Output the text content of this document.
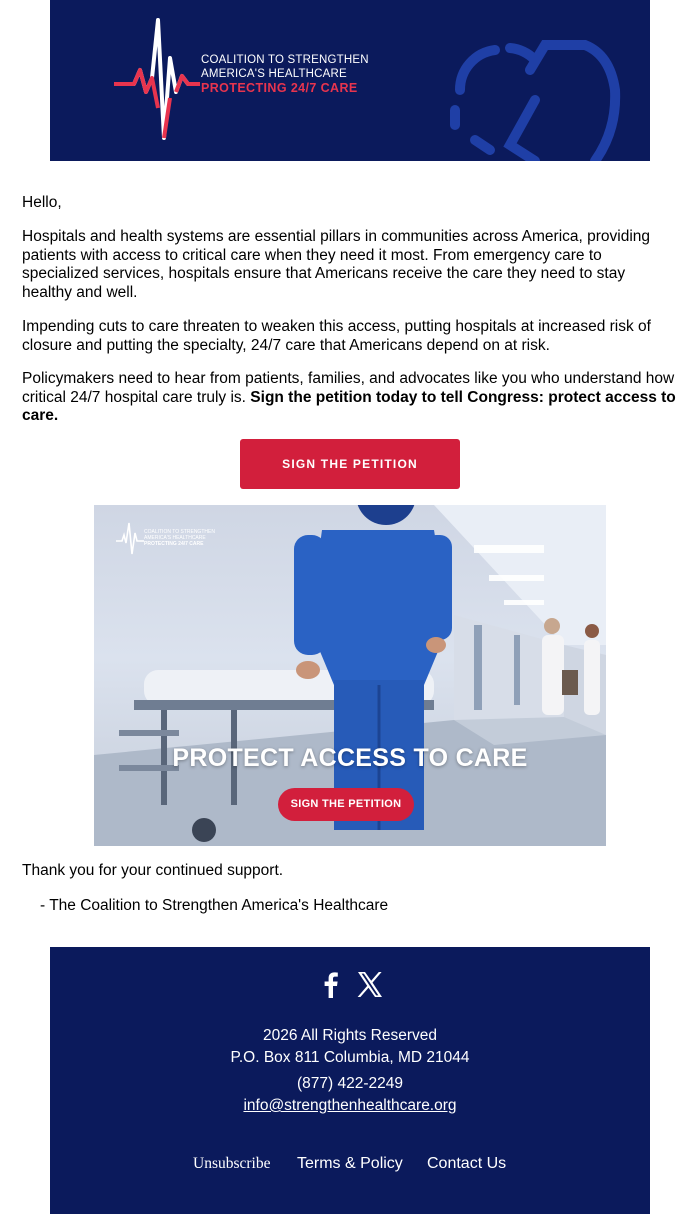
COALITION TO STRENGTHEN
AMERICA'S HEALTHCARE
PROTECTING 24/7 CARE

Hello,

Hospitals and health systems are essential pillars in communities across America, providing patients with access to critical care when they need it most. From emergency care to specialized services, hospitals ensure that Americans receive the care they need to stay healthy and well.

Impending cuts to care threaten to weaken this access, putting hospitals at increased risk of closure and putting the specialty, 24/7 care that Americans depend on at risk.

Policymakers need to hear from patients, families, and advocates like you who understand how critical 24/7 hospital care truly is. Sign the petition today to tell Congress: protect access to care.

SIGN THE PETITION
COALITION TO STRENGTHEN
AMERICA'S HEALTHCARE
PROTECTING 24/7 CARE
PROTECT ACCESS TO CARE
SIGN THE PETITION
Thank you for your continued support.
- The Coalition to Strengthen America's Healthcare
2026 All Rights Reserved
P.O. Box 811 Columbia, MD 21044
(877) 422-2249
info@strengthenhealthcare.org
Unsubscribe Terms & Policy Contact Us
